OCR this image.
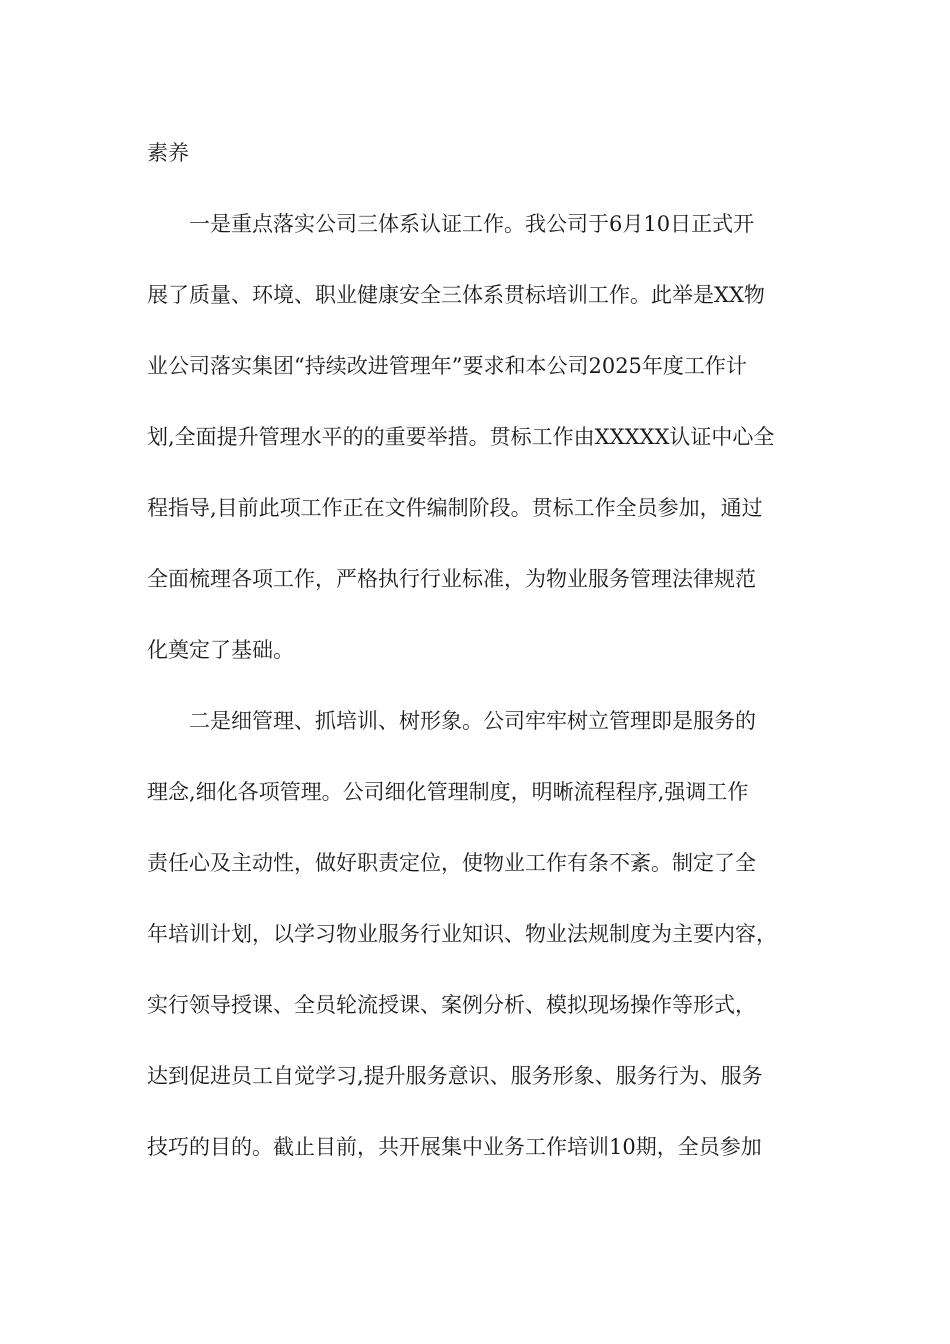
素养
一是重点落实公司三体系认证工作。我公司于6月10日正式开
展了质量、环境、职业健康安全三体系贯标培训工作。此举是XX物
业公司落实集团“持续改进管理年”要求和本公司2025年度工作计
划,全面提升管理水平的的重要举措。贯标工作由XXXXX认证中心全
程指导,目前此项工作正在文件编制阶段。贯标工作全员参加，通过
全面梳理各项工作，严格执行行业标准，为物业服务管理法律规范
化奠定了基础。
二是细管理、抓培训、树形象。公司牢牢树立管理即是服务的
理念,细化各项管理。公司细化管理制度，明晰流程程序,强调工作
责任心及主动性，做好职责定位，使物业工作有条不紊。制定了全
年培训计划，以学习物业服务行业知识、物业法规制度为主要内容，
实行领导授课、全员轮流授课、案例分析、模拟现场操作等形式，
达到促进员工自觉学习,提升服务意识、服务形象、服务行为、服务
技巧的目的。截止目前，共开展集中业务工作培训10期，全员参加
